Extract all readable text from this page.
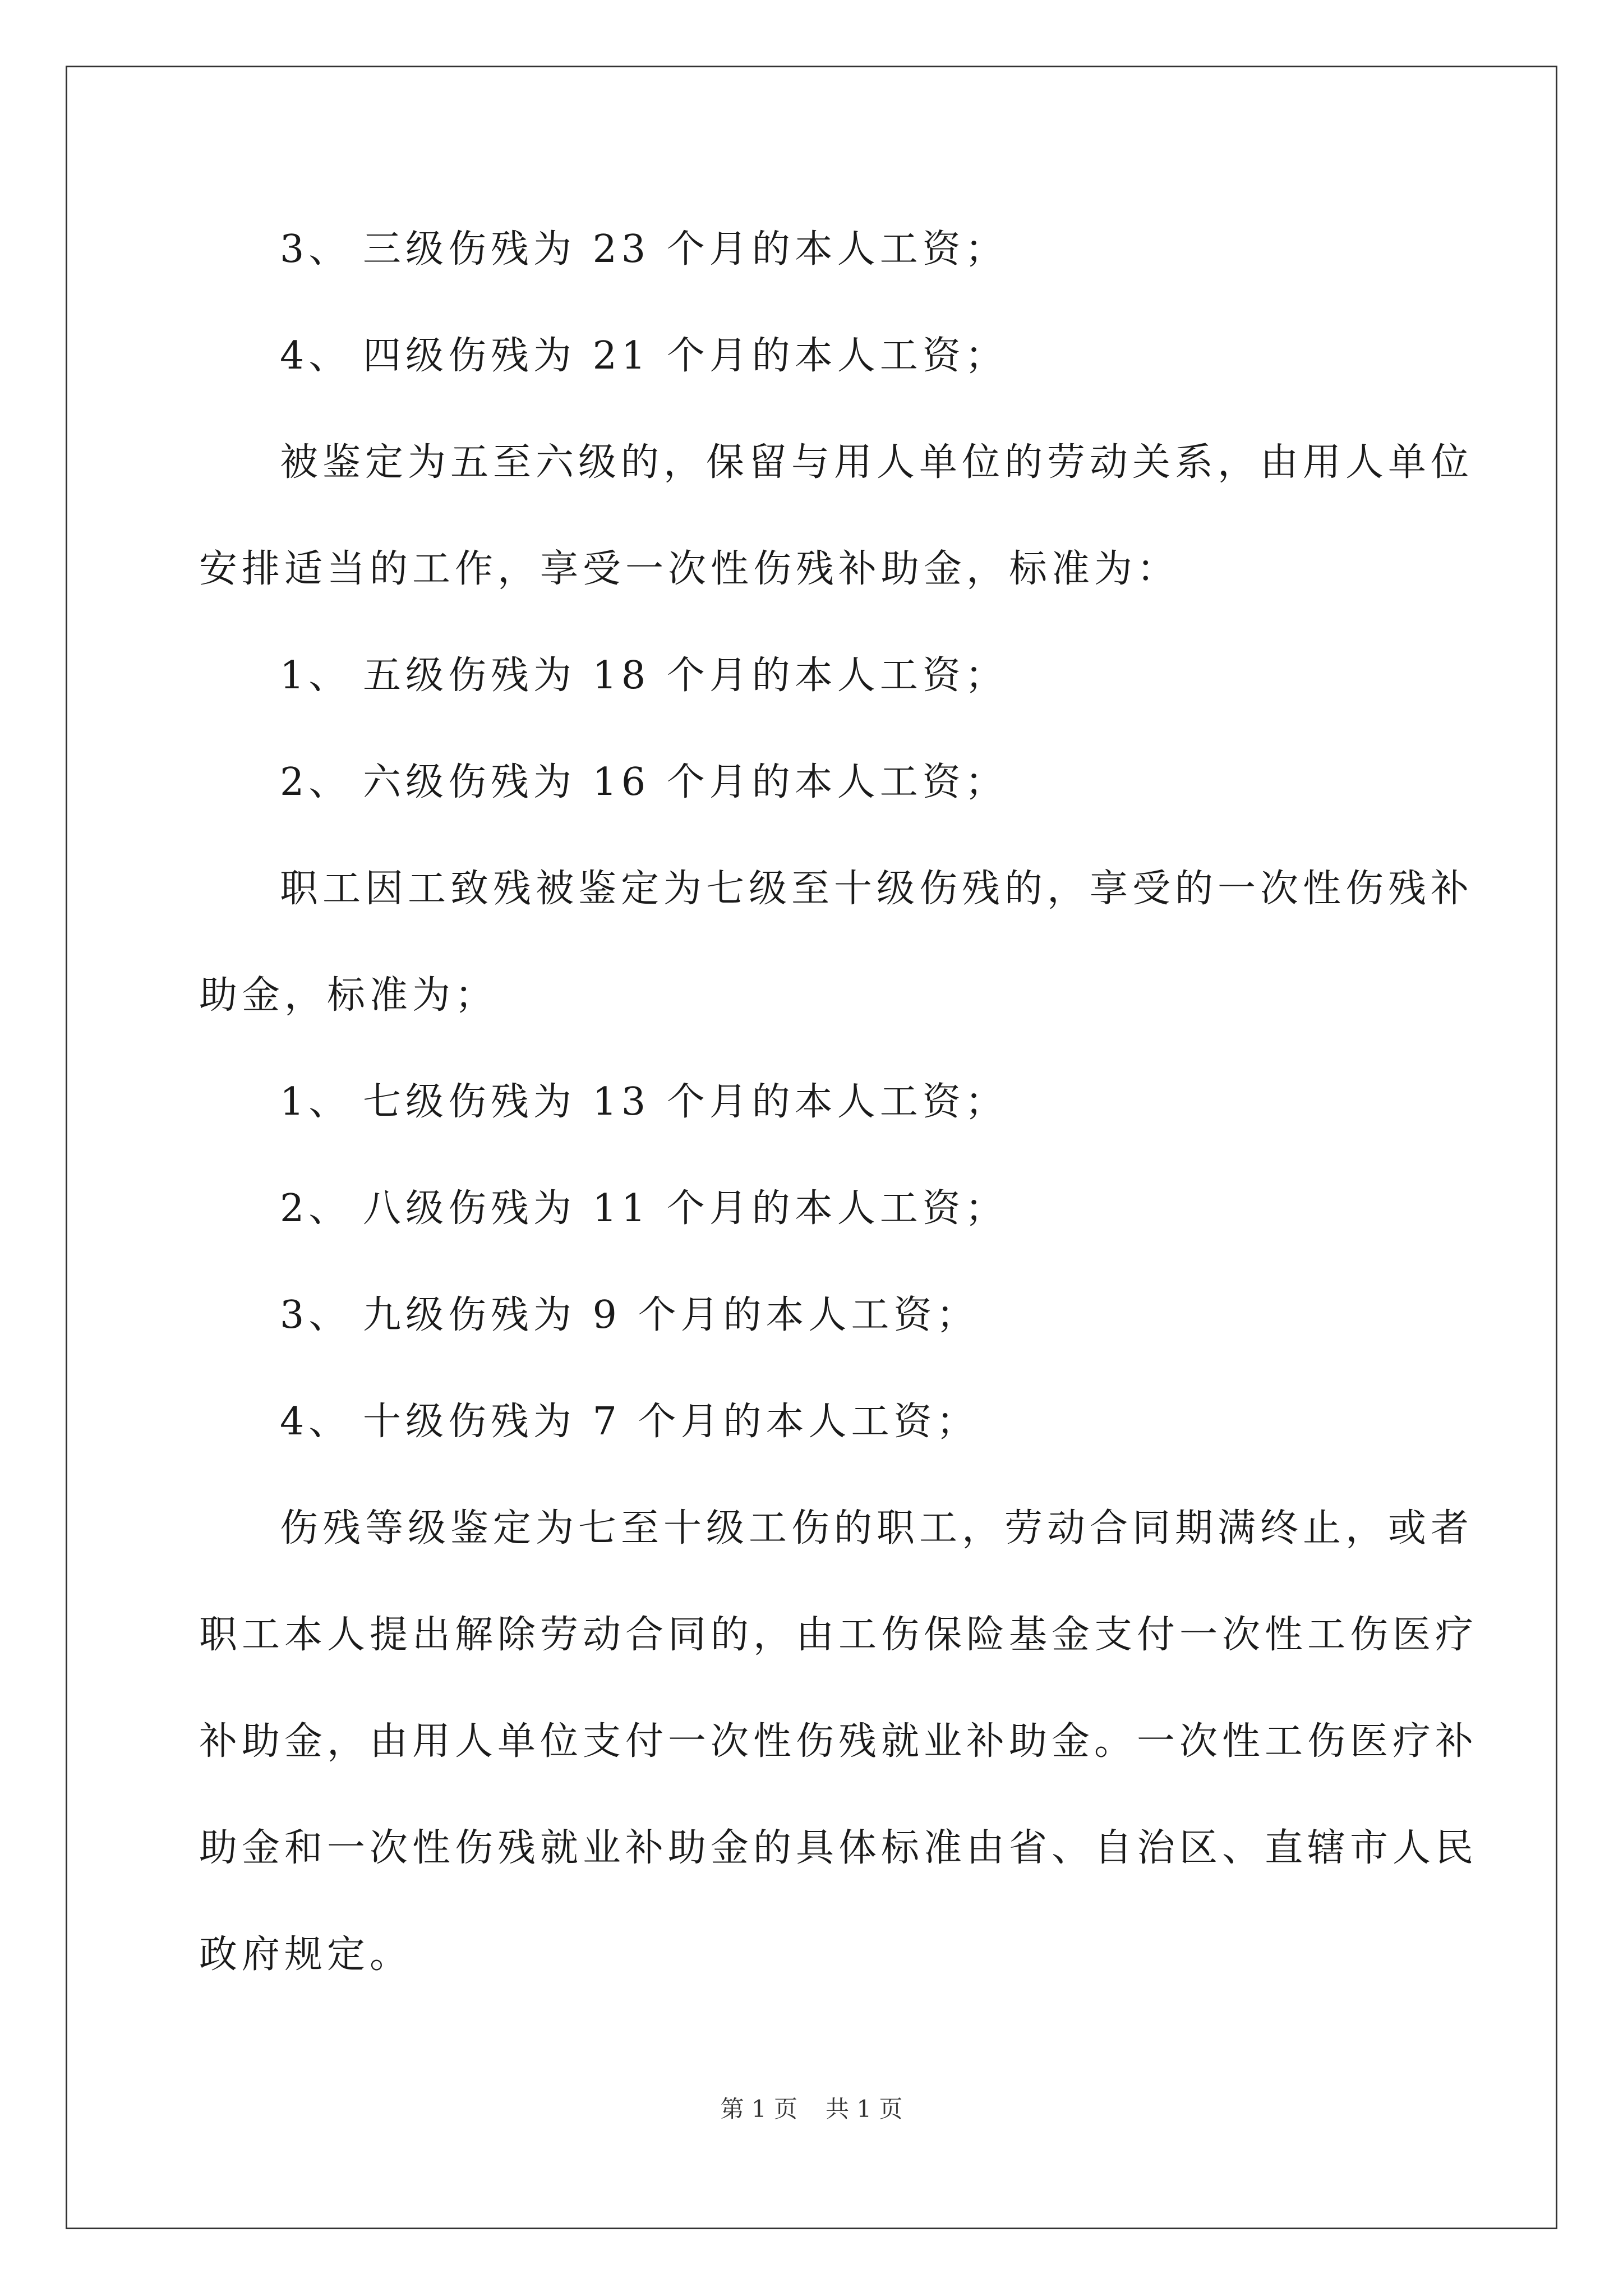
3、 三级伤残为 23 个月的本人工资；
4、 四级伤残为 21 个月的本人工资；
被鉴定为五至六级的，保留与用人单位的劳动关系，由用人单位
安排适当的工作，享受一次性伤残补助金，标准为：
1、 五级伤残为 18 个月的本人工资；
2、 六级伤残为 16 个月的本人工资；
职工因工致残被鉴定为七级至十级伤残的，享受的一次性伤残补
助金，标准为；
1、 七级伤残为 13 个月的本人工资；
2、 八级伤残为 11 个月的本人工资；
3、 九级伤残为 9 个月的本人工资；
4、 十级伤残为 7 个月的本人工资；
伤残等级鉴定为七至十级工伤的职工，劳动合同期满终止，或者
职工本人提出解除劳动合同的，由工伤保险基金支付一次性工伤医疗
补助金，由用人单位支付一次性伤残就业补助金。一次性工伤医疗补
助金和一次性伤残就业补助金的具体标准由省、自治区、直辖市人民
政府规定。
第 1 页 共 1 页
